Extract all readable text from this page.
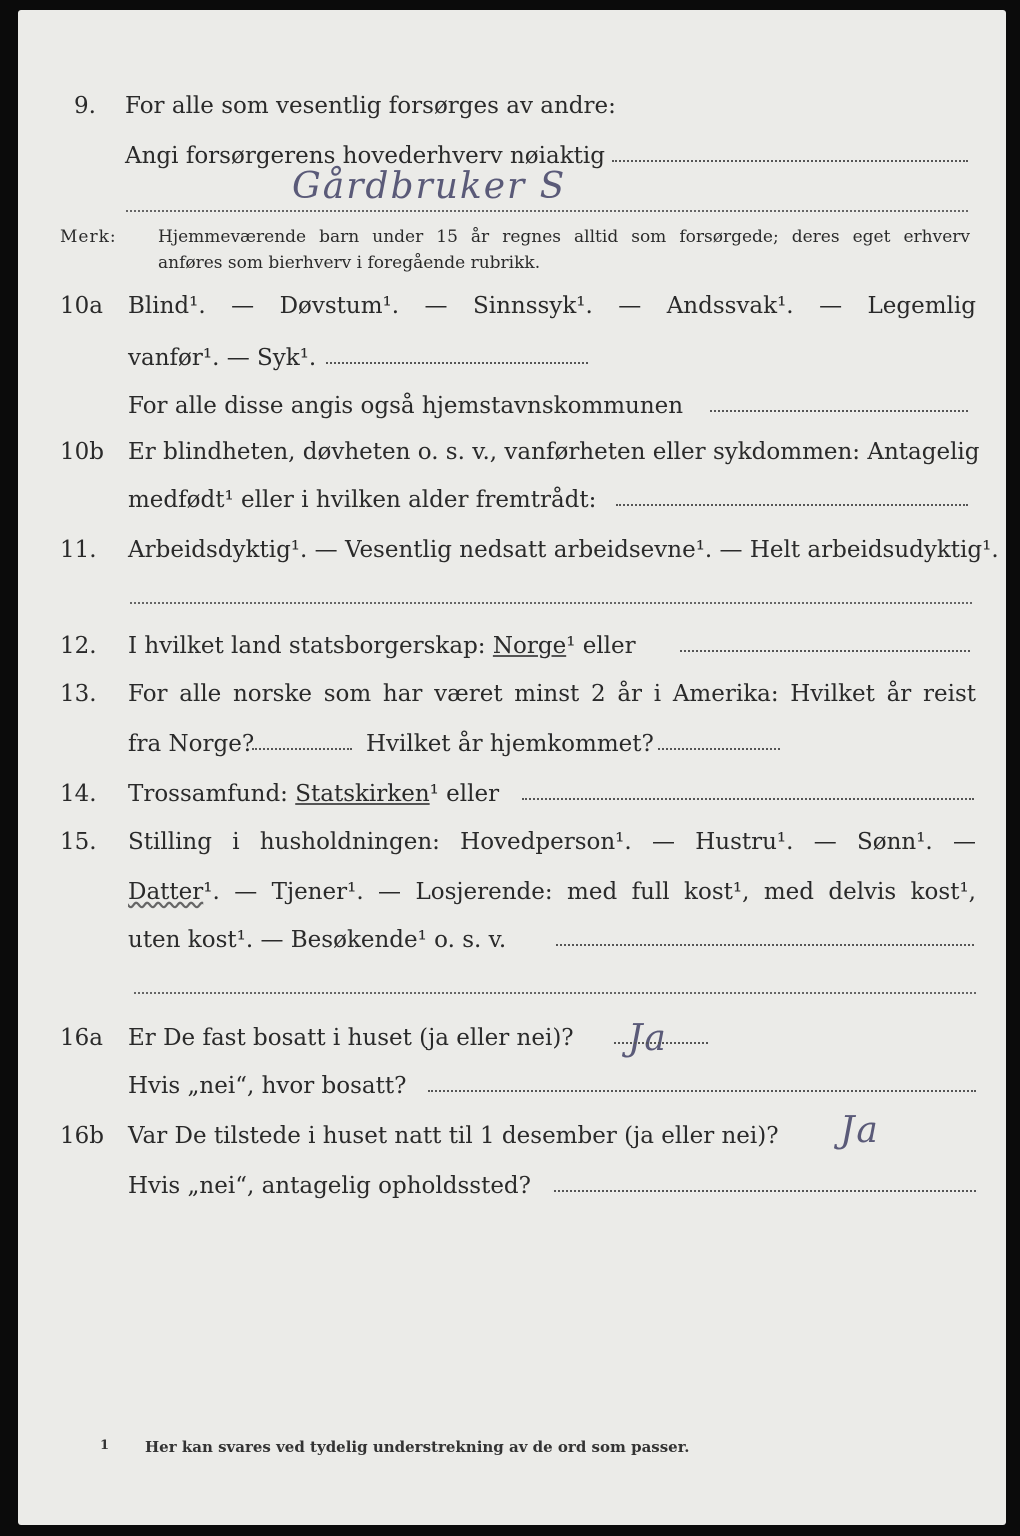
9.	For alle som vesentlig forsørges av andre:
Angi forsørgerens hovederhverv nøiaktig
Gårdbruker S
Merk: Hjemmeværende barn under 15 år regnes alltid som forsørgede; deres eget erhverv
anføres som bierhverv i foregående rubrikk.
10a	Blind¹. — Døvstum¹. — Sinnssyk¹. — Andssvak¹. — Legemlig
vanfør¹. — Syk¹.
For alle disse angis også hjemstavnskommunen
10b	Er blindheten, døvheten o. s. v., vanførheten eller sykdommen: Antagelig
medfødt¹ eller i hvilken alder fremtrådt:
11.	Arbeidsdyktig¹. — Vesentlig nedsatt arbeidsevne¹. — Helt arbeidsudyktig¹.
12.	I hvilket land statsborgerskap: Norge¹ eller
13.	For alle norske som har været minst 2 år i Amerika: Hvilket år reist
fra Norge?	Hvilket år hjemkommet?
14.	Trossamfund: Statskirken¹ eller
15.	Stilling i husholdningen: Hovedperson¹. — Hustru¹. — Sønn¹. —
Datter¹. — Tjener¹. — Losjerende: med full kost¹, med delvis kost¹,
uten kost¹. — Besøkende¹ o. s. v.
16a	Er De fast bosatt i huset (ja eller nei)?	Ja
Hvis „nei“, hvor bosatt?
16b	Var De tilstede i huset natt til 1 desember (ja eller nei)?	Ja
Hvis „nei“, antagelig opholdssted?
1 Her kan svares ved tydelig understrekning av de ord som passer.
